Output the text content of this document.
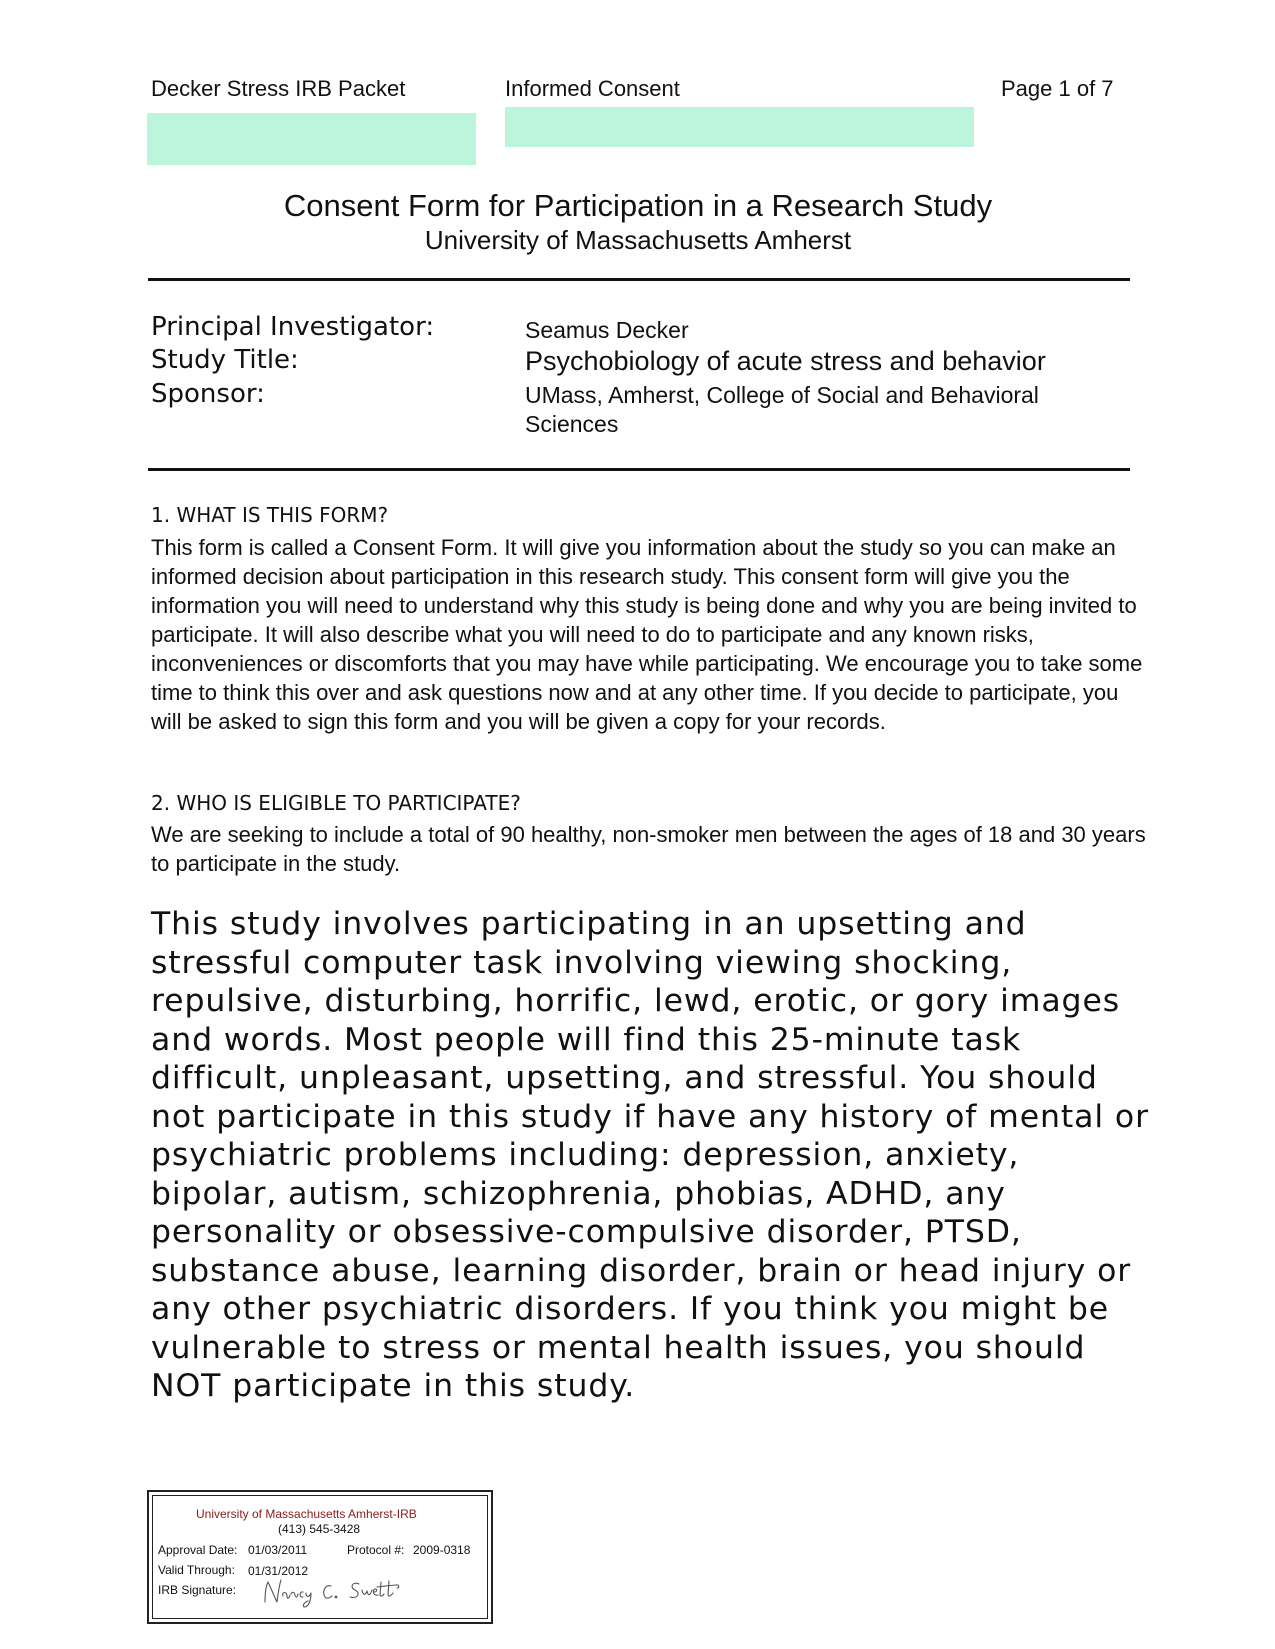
Decker Stress IRB Packet	Informed Consent	Page 1 of 7
Consent Form for Participation in a Research Study
University of Massachusetts Amherst
Principal Investigator:	Seamus Decker
Study Title:	Psychobiology of acute stress and behavior
Sponsor:	UMass, Amherst, College of Social and Behavioral Sciences
1. WHAT IS THIS FORM?
This form is called a Consent Form. It will give you information about the study so you can make an informed decision about participation in this research study. This consent form will give you the information you will need to understand why this study is being done and why you are being invited to participate. It will also describe what you will need to do to participate and any known risks, inconveniences or discomforts that you may have while participating. We encourage you to take some time to think this over and ask questions now and at any other time. If you decide to participate, you will be asked to sign this form and you will be given a copy for your records.
2. WHO IS ELIGIBLE TO PARTICIPATE?
We are seeking to include a total of 90 healthy, non-smoker men between the ages of 18 and 30 years to participate in the study.
This study involves participating in an upsetting and stressful computer task involving viewing shocking, repulsive, disturbing, horrific, lewd, erotic, or gory images and words. Most people will find this 25-minute task difficult, unpleasant, upsetting, and stressful. You should not participate in this study if have any history of mental or psychiatric problems including: depression, anxiety, bipolar, autism, schizophrenia, phobias, ADHD, any personality or obsessive-compulsive disorder, PTSD, substance abuse, learning disorder, brain or head injury or any other psychiatric disorders. If you think you might be vulnerable to stress or mental health issues, you should NOT participate in this study.
University of Massachusetts Amherst-IRB
(413) 545-3428
Approval Date: 01/03/2011	Protocol #: 2009-0318
Valid Through: 01/31/2012
IRB Signature:
